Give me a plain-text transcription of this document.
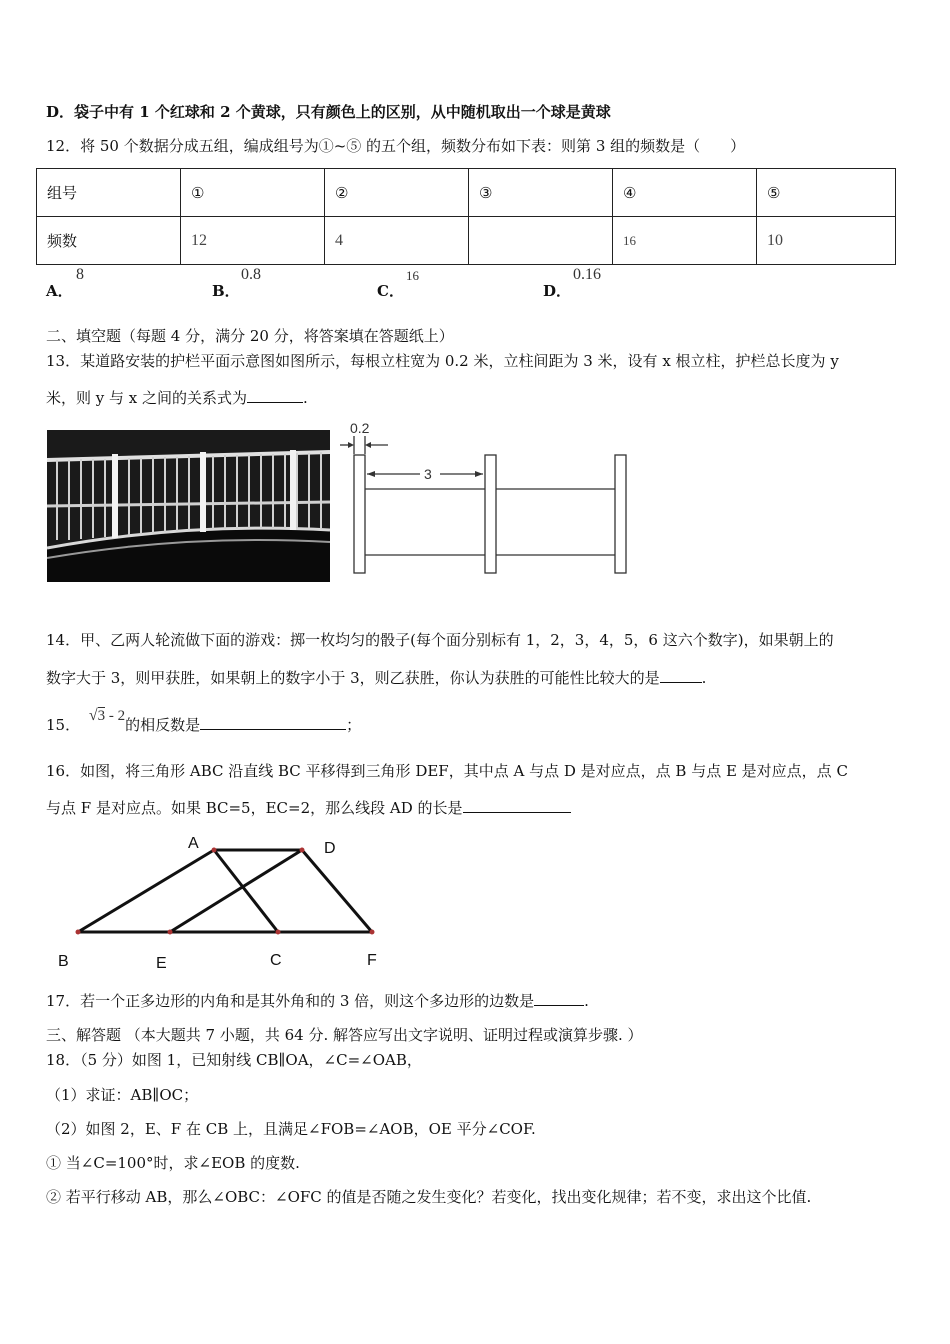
D．袋子中有 1 个红球和 2 个黄球，只有颜色上的区别，从中随机取出一个球是黄球
12．将 50 个数据分成五组，编成组号为①~⑤ 的五个组，频数分布如下表：则第 3 组的频数是（　　）
组号	①	②	③	④	⑤
频数	12	4		16	10
A．
8
B．
0.8
C．
16
D．
0.16
二、填空题（每题 4 分，满分 20 分，将答案填在答题纸上）
13．某道路安装的护栏平面示意图如图所示，每根立柱宽为 0.2 米，立柱间距为 3 米，设有 x 根立柱，护栏总长度为 y
米，则 y 与 x 之间的关系式为	.
0.2
3
14．甲、乙两人轮流做下面的游戏：掷一枚均匀的骰子(每个面分别标有 1，2，3，4，5，6 这六个数字)，如果朝上的
数字大于 3，则甲获胜，如果朝上的数字小于 3，则乙获胜，你认为获胜的可能性比较大的是	.
15． √3 - 2的相反数是	；
16．如图，将三角形 ABC 沿直线 BC 平移得到三角形 DEF，其中点 A 与点 D 是对应点，点 B 与点 E 是对应点，点 C
与点 F 是对应点。如果 BC=5，EC=2，那么线段 AD 的长是
A	D
B	E	C	F
17．若一个正多边形的内角和是其外角和的 3 倍，则这个多边形的边数是	.
三、解答题 （本大题共 7 小题，共 64 分. 解答应写出文字说明、证明过程或演算步骤. ）
18．（5 分）如图 1，已知射线 CB∥OA，∠C=∠OAB，
（1）求证：AB∥OC；
（2）如图 2，E、F 在 CB 上，且满足∠FOB=∠AOB，OE 平分∠COF.
① 当∠C=100°时，求∠EOB 的度数.
② 若平行移动 AB，那么∠OBC：∠OFC 的值是否随之发生变化？若变化，找出变化规律；若不变，求出这个比值.
